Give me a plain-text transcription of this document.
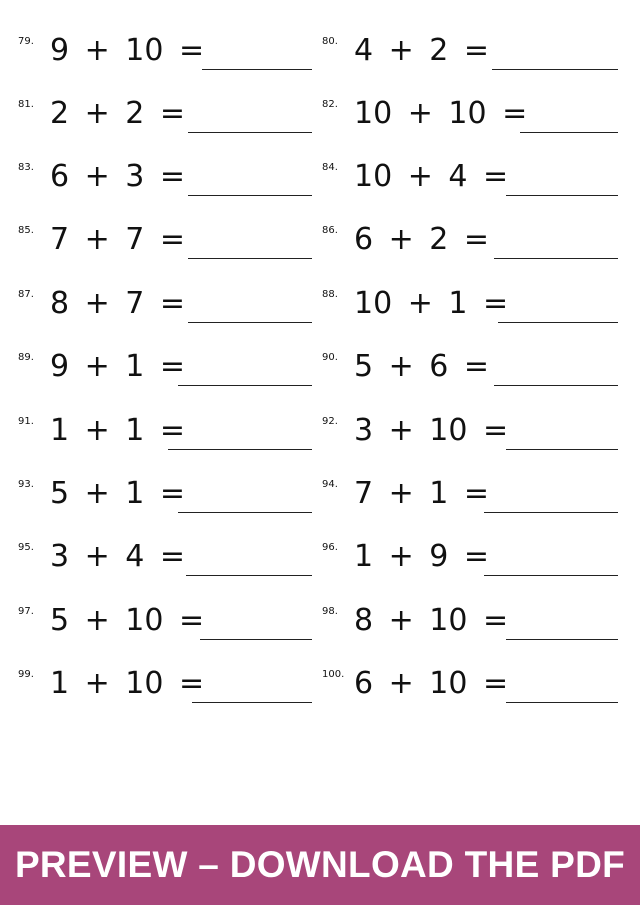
79. 9 + 10 =	80. 4 + 2 =
81. 2 + 2 =	82. 10 + 10 =
83. 6 + 3 =	84. 10 + 4 =
85. 7 + 7 =	86. 6 + 2 =
87. 8 + 7 =	88. 10 + 1 =
89. 9 + 1 =	90. 5 + 6 =
91. 1 + 1 =	92. 3 + 10 =
93. 5 + 1 =	94. 7 + 1 =
95. 3 + 4 =	96. 1 + 9 =
97. 5 + 10 =	98. 8 + 10 =
99. 1 + 10 =	100. 6 + 10 =
PREVIEW – DOWNLOAD THE PDF
